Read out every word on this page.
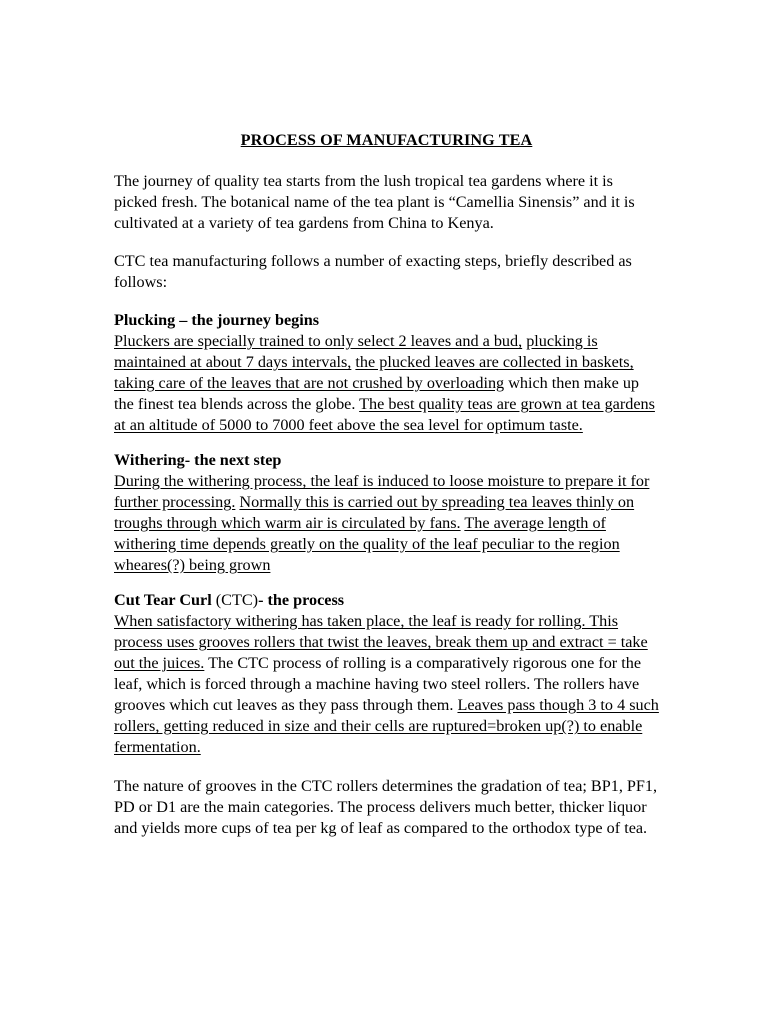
PROCESS OF MANUFACTURING TEA
The journey of quality tea starts from the lush tropical tea gardens where it is picked fresh. The botanical name of the tea plant is “Camellia Sinensis” and it is cultivated at a variety of tea gardens from China to Kenya.
CTC tea manufacturing follows a number of exacting steps, briefly described as follows:
Plucking – the journey begins
Pluckers are specially trained to only select 2 leaves and a bud, plucking is maintained at about 7 days intervals, the plucked leaves are collected in baskets, taking care of the leaves that are not crushed by overloading which then make up the finest tea blends across the globe. The best quality teas are grown at tea gardens at an altitude of 5000 to 7000 feet above the sea level for optimum taste.
Withering- the next step
During the withering process, the leaf is induced to loose moisture to prepare it for further processing. Normally this is carried out by spreading tea leaves thinly on troughs through which warm air is circulated by fans. The average length of withering time depends greatly on the quality of the leaf peculiar to the region wheares(?) being grown
Cut Tear Curl (CTC)- the process
When satisfactory withering has taken place, the leaf is ready for rolling. This process uses grooves rollers that twist the leaves, break them up and extract = take out the juices. The CTC process of rolling is a comparatively rigorous one for the leaf, which is forced through a machine having two steel rollers. The rollers have grooves which cut leaves as they pass through them. Leaves pass though 3 to 4 such rollers, getting reduced in size and their cells are ruptured=broken up(?) to enable fermentation.
The nature of grooves in the CTC rollers determines the gradation of tea; BP1, PF1, PD or D1 are the main categories. The process delivers much better, thicker liquor and yields more cups of tea per kg of leaf as compared to the orthodox type of tea.
